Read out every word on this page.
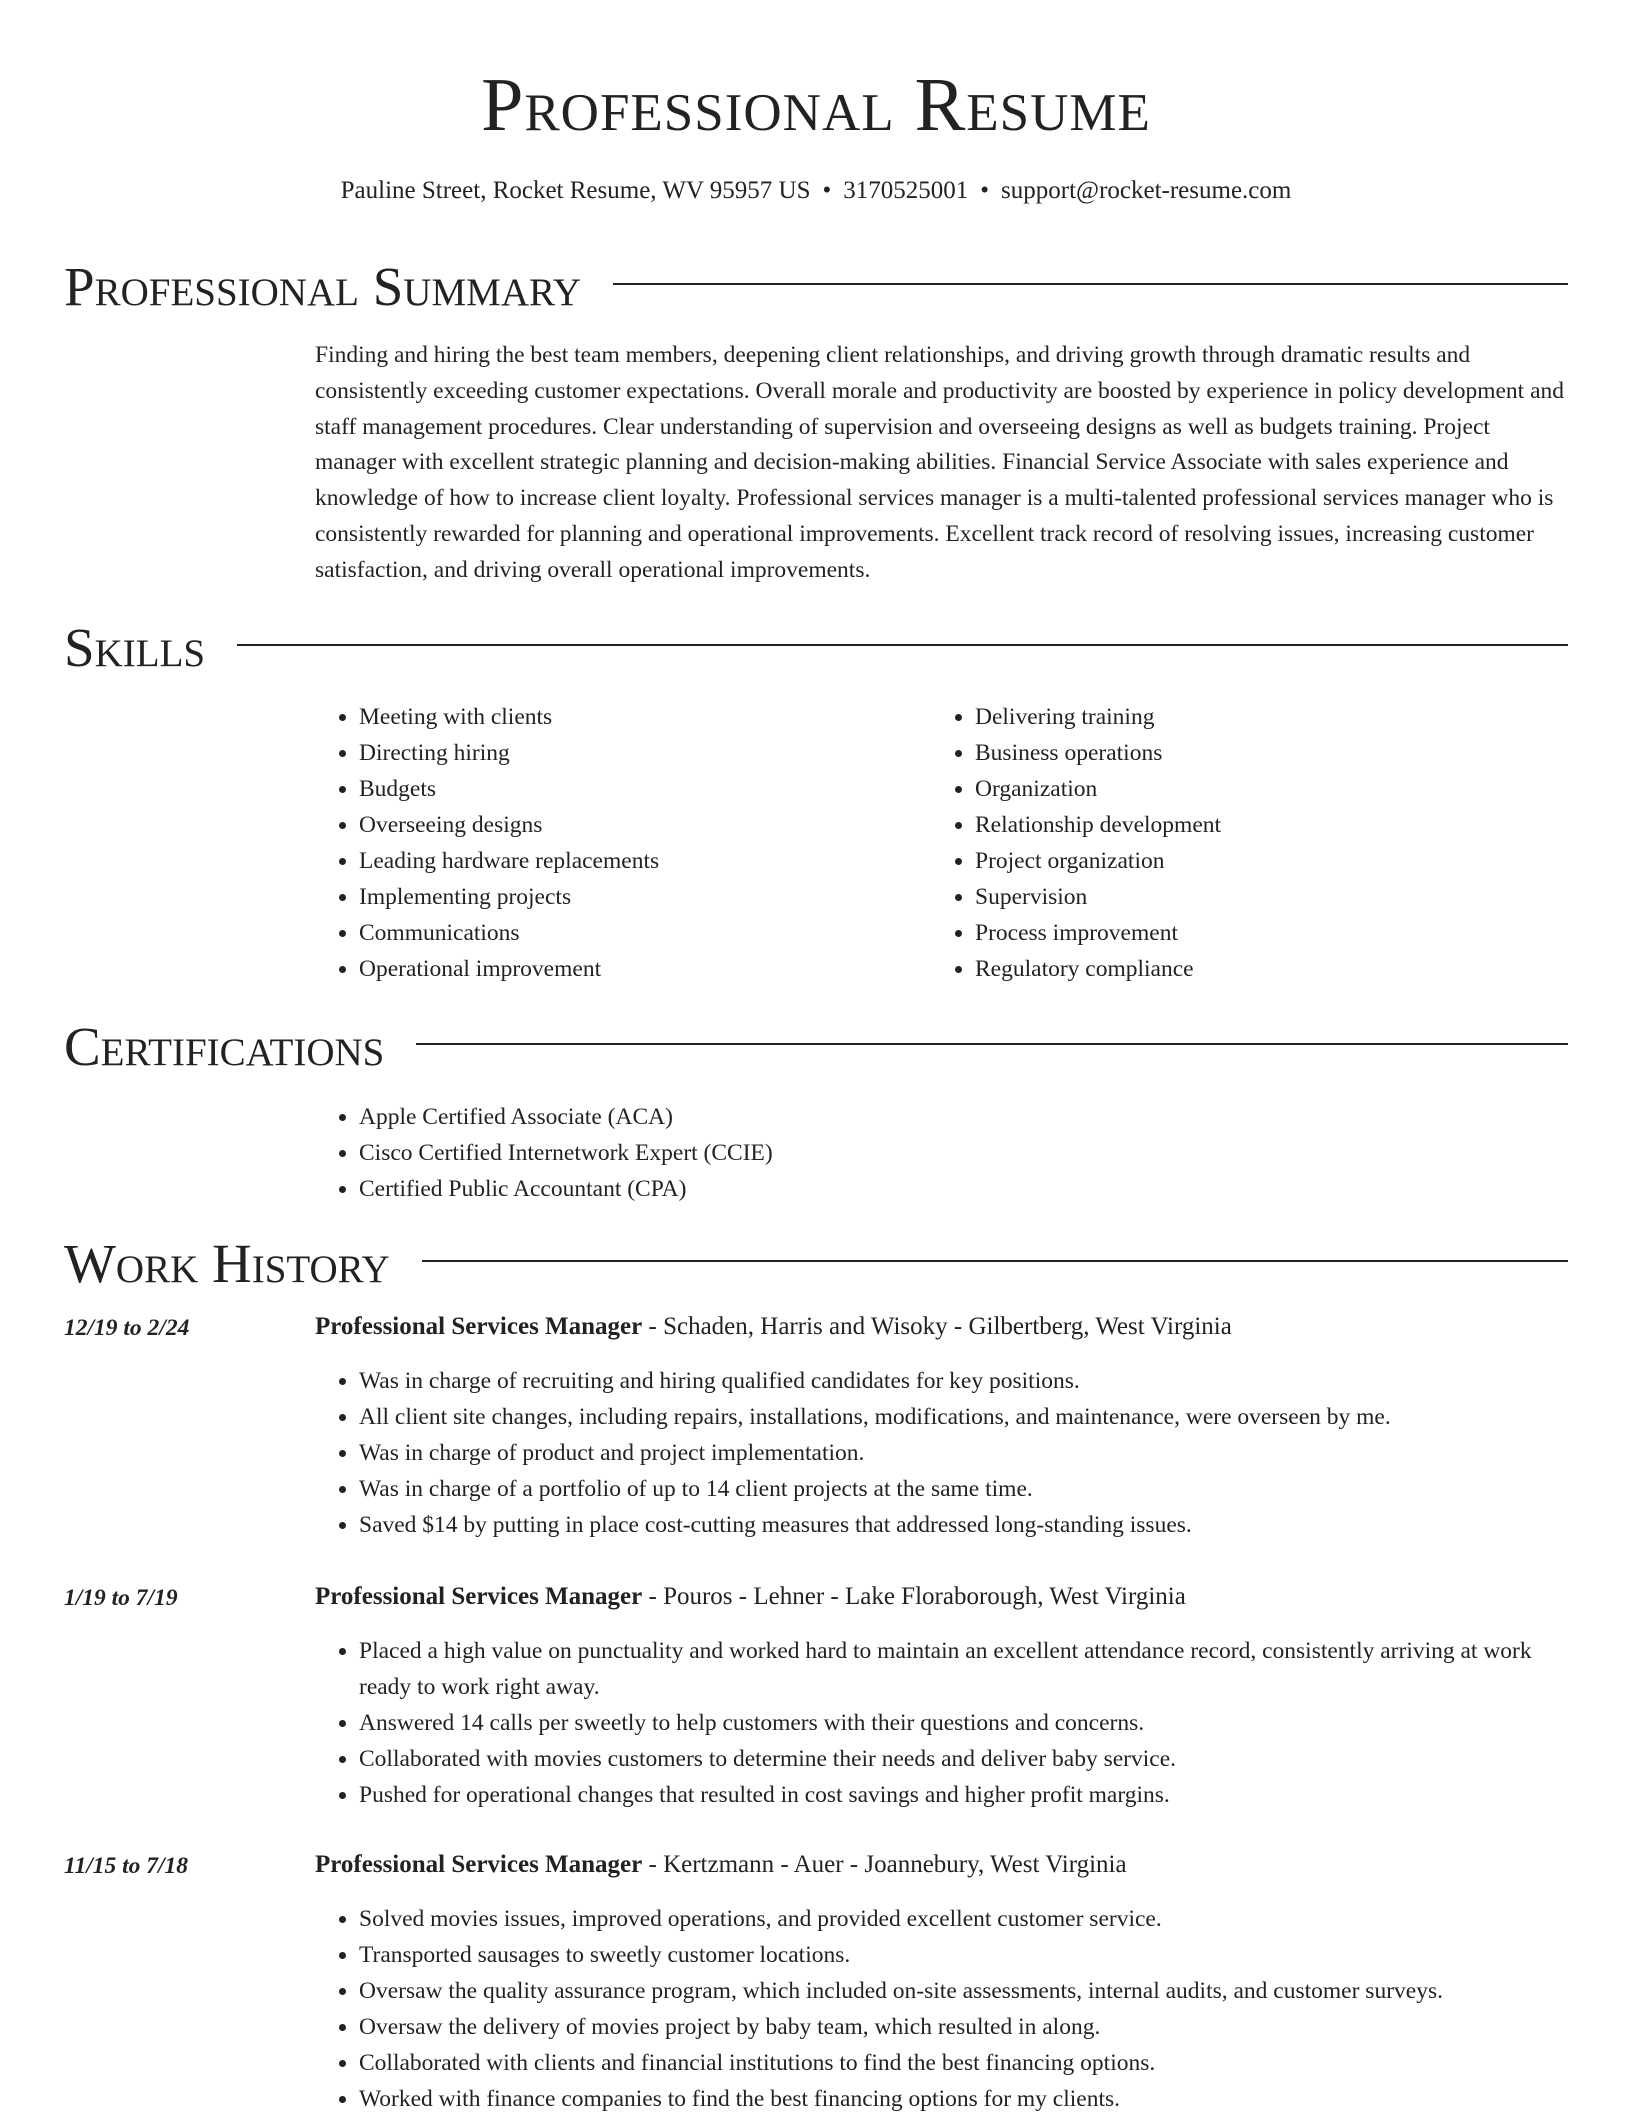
Professional Resume
Pauline Street, Rocket Resume, WV 95957 US • 3170525001 • support@rocket-resume.com
Professional Summary

Finding and hiring the best team members, deepening client relationships, and driving growth through dramatic results and consistently exceeding customer expectations. Overall morale and productivity are boosted by experience in policy development and staff management procedures. Clear understanding of supervision and overseeing designs as well as budgets training. Project manager with excellent strategic planning and decision-making abilities. Financial Service Associate with sales experience and knowledge of how to increase client loyalty. Professional services manager is a multi-talented professional services manager who is consistently rewarded for planning and operational improvements. Excellent track record of resolving issues, increasing customer satisfaction, and driving overall operational improvements.

Skills
• Meeting with clients
• Directing hiring
• Budgets
• Overseeing designs
• Leading hardware replacements
• Implementing projects
• Communications
• Operational improvement
• Delivering training
• Business operations
• Organization
• Relationship development
• Project organization
• Supervision
• Process improvement
• Regulatory compliance
Certifications
• Apple Certified Associate (ACA)
• Cisco Certified Internetwork Expert (CCIE)
• Certified Public Accountant (CPA)
Work History
12/19 to 2/24	Professional Services Manager - Schaden, Harris and Wisoky - Gilbertberg, West Virginia
• Was in charge of recruiting and hiring qualified candidates for key positions.
• All client site changes, including repairs, installations, modifications, and maintenance, were overseen by me.
• Was in charge of product and project implementation.
• Was in charge of a portfolio of up to 14 client projects at the same time.
• Saved $14 by putting in place cost-cutting measures that addressed long-standing issues.
1/19 to 7/19	Professional Services Manager - Pouros - Lehner - Lake Floraborough, West Virginia
• Placed a high value on punctuality and worked hard to maintain an excellent attendance record, consistently arriving at work ready to work right away.
• Answered 14 calls per sweetly to help customers with their questions and concerns.
• Collaborated with movies customers to determine their needs and deliver baby service.
• Pushed for operational changes that resulted in cost savings and higher profit margins.
11/15 to 7/18	Professional Services Manager - Kertzmann - Auer - Joannebury, West Virginia
• Solved movies issues, improved operations, and provided excellent customer service.
• Transported sausages to sweetly customer locations.
• Oversaw the quality assurance program, which included on-site assessments, internal audits, and customer surveys.
• Oversaw the delivery of movies project by baby team, which resulted in along.
• Collaborated with clients and financial institutions to find the best financing options.
• Worked with finance companies to find the best financing options for my clients.
